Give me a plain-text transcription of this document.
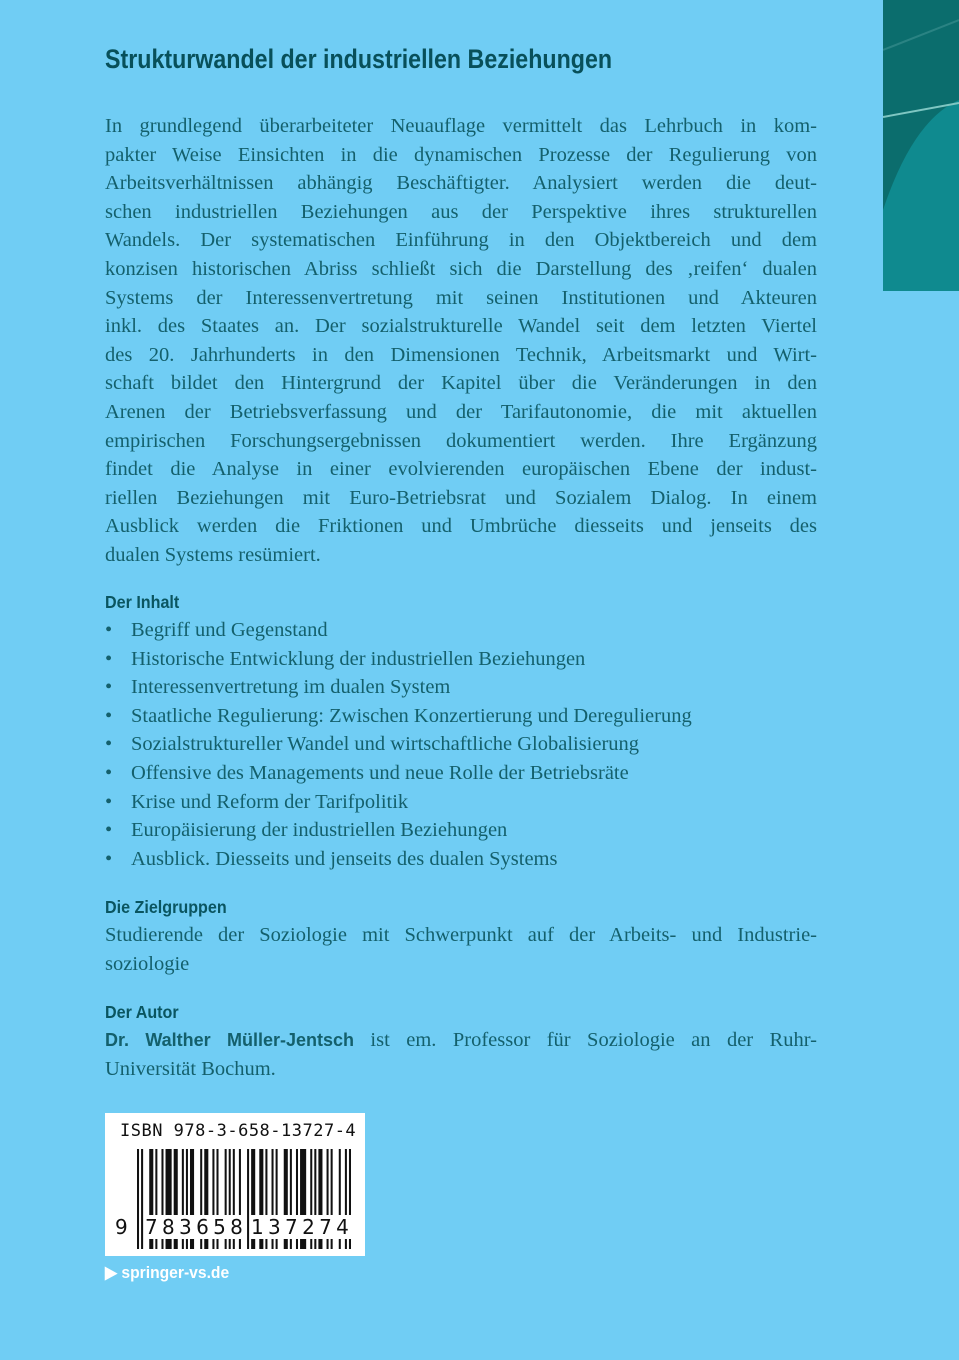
Strukturwandel der industriellen Beziehungen
In grundlegend überarbeiteter Neuauflage vermittelt das Lehrbuch in kom-
pakter Weise Einsichten in die dynamischen Prozesse der Regulierung von
Arbeitsverhältnissen abhängig Beschäftigter. Analysiert werden die deut-
schen industriellen Beziehungen aus der Perspektive ihres strukturellen
Wandels. Der systematischen Einführung in den Objektbereich und dem
konzisen historischen Abriss schließt sich die Darstellung des ‚reifen‘ dualen
Systems der Interessenvertretung mit seinen Institutionen und Akteuren
inkl. des Staates an. Der sozialstrukturelle Wandel seit dem letzten Viertel
des 20. Jahrhunderts in den Dimensionen Technik, Arbeitsmarkt und Wirt-
schaft bildet den Hintergrund der Kapitel über die Veränderungen in den
Arenen der Betriebsverfassung und der Tarifautonomie, die mit aktuellen
empirischen Forschungsergebnissen dokumentiert werden. Ihre Ergänzung
findet die Analyse in einer evolvierenden europäischen Ebene der indust-
riellen Beziehungen mit Euro-Betriebsrat und Sozialem Dialog. In einem
Ausblick werden die Friktionen und Umbrüche diesseits und jenseits des
dualen Systems resümiert.
Der Inhalt
• Begriff und Gegenstand
• Historische Entwicklung der industriellen Beziehungen
• Interessenvertretung im dualen System
• Staatliche Regulierung: Zwischen Konzertierung und Deregulierung
• Sozialstruktureller Wandel und wirtschaftliche Globalisierung
• Offensive des Managements und neue Rolle der Betriebsräte
• Krise und Reform der Tarifpolitik
• Europäisierung der industriellen Beziehungen
• Ausblick. Diesseits und jenseits des dualen Systems
Die Zielgruppen
Studierende der Soziologie mit Schwerpunkt auf der Arbeits- und Industrie-
soziologie
Der Autor
Dr. Walther Müller-Jentsch ist em. Professor für Soziologie an der Ruhr-
Universität Bochum.
ISBN 978-3-658-13727-4
9 783658 137274
▶ springer-vs.de
